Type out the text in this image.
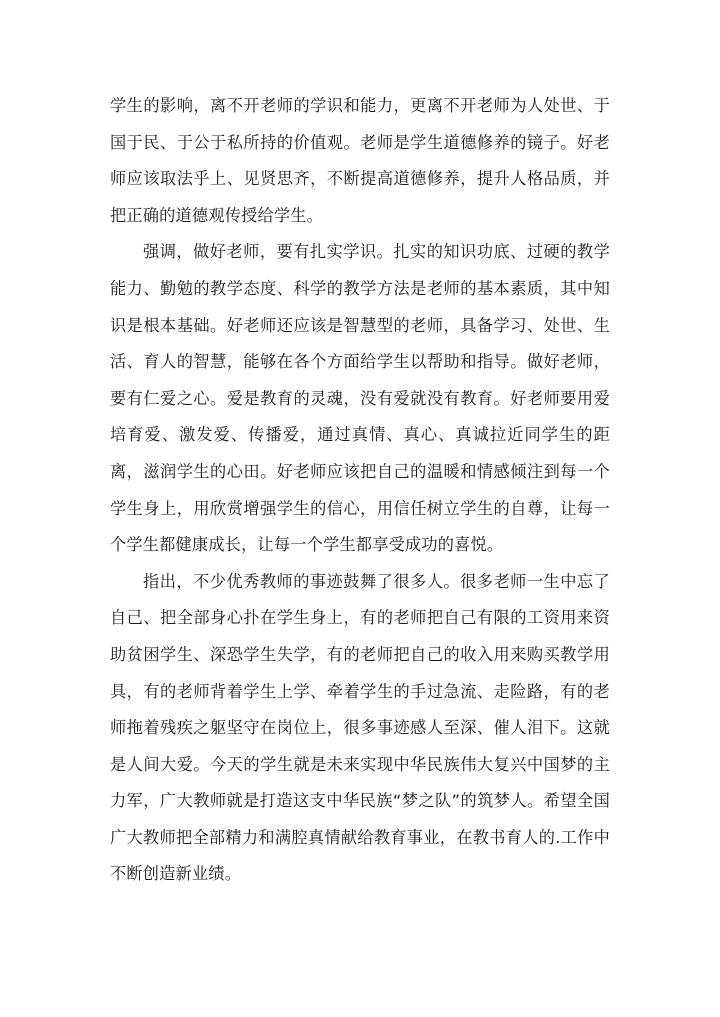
学生的影响，离不开老师的学识和能力，更离不开老师为人处世、于国于民、于公于私所持的价值观。老师是学生道德修养的镜子。好老师应该取法乎上、见贤思齐，不断提高道德修养，提升人格品质，并把正确的道德观传授给学生。

强调，做好老师，要有扎实学识。扎实的知识功底、过硬的教学能力、勤勉的教学态度、科学的教学方法是老师的基本素质，其中知识是根本基础。好老师还应该是智慧型的老师，具备学习、处世、生活、育人的智慧，能够在各个方面给学生以帮助和指导。做好老师，要有仁爱之心。爱是教育的灵魂，没有爱就没有教育。好老师要用爱培育爱、激发爱、传播爱，通过真情、真心、真诚拉近同学生的距离，滋润学生的心田。好老师应该把自己的温暖和情感倾注到每一个学生身上，用欣赏增强学生的信心，用信任树立学生的自尊，让每一个学生都健康成长，让每一个学生都享受成功的喜悦。

指出，不少优秀教师的事迹鼓舞了很多人。很多老师一生中忘了自己、把全部身心扑在学生身上，有的老师把自己有限的工资用来资助贫困学生、深恐学生失学，有的老师把自己的收入用来购买教学用具，有的老师背着学生上学、牵着学生的手过急流、走险路，有的老师拖着残疾之躯坚守在岗位上，很多事迹感人至深、催人泪下。这就是人间大爱。今天的学生就是未来实现中华民族伟大复兴中国梦的主力军，广大教师就是打造这支中华民族“梦之队”的筑梦人。希望全国广大教师把全部精力和满腔真情献给教育事业，在教书育人的.工作中不断创造新业绩。
